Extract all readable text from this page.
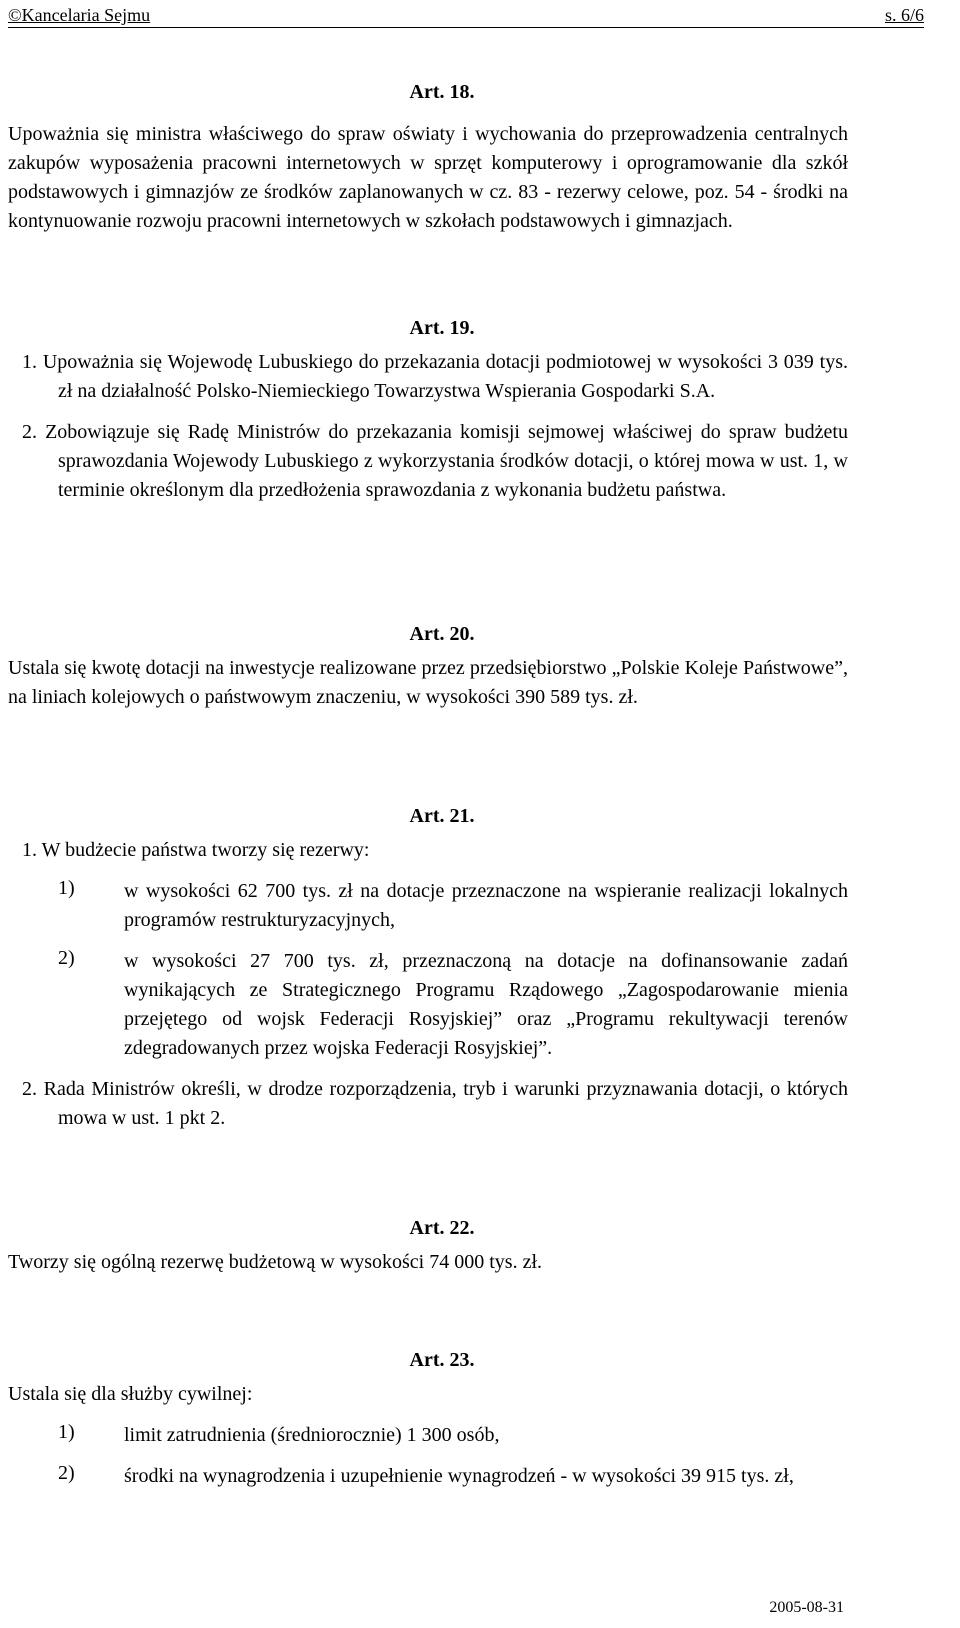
©Kancelaria Sejmu	s. 6/6
Art. 18.

Upoważnia się ministra właściwego do spraw oświaty i wychowania do przeprowadzenia centralnych zakupów wyposażenia pracowni internetowych w sprzęt komputerowy i oprogramowanie dla szkół podstawowych i gimnazjów ze środków zaplanowanych w cz. 83 - rezerwy celowe, poz. 54 - środki na kontynuowanie rozwoju pracowni internetowych w szkołach podstawowych i gimnazjach.

Art. 19.

1. Upoważnia się Wojewodę Lubuskiego do przekazania dotacji podmiotowej w wysokości 3 039 tys. zł na działalność Polsko-Niemieckiego Towarzystwa Wspierania Gospodarki S.A.

2. Zobowiązuje się Radę Ministrów do przekazania komisji sejmowej właściwej do spraw budżetu sprawozdania Wojewody Lubuskiego z wykorzystania środków dotacji, o której mowa w ust. 1, w terminie określonym dla przedłożenia sprawozdania z wykonania budżetu państwa.

Art. 20.

Ustala się kwotę dotacji na inwestycje realizowane przez przedsiębiorstwo „Polskie Koleje Państwowe”, na liniach kolejowych o państwowym znaczeniu, w wysokości 390 589 tys. zł.

Art. 21.

1. W budżecie państwa tworzy się rezerwy:

1)	w wysokości 62 700 tys. zł na dotacje przeznaczone na wspieranie realizacji lokalnych programów restrukturyzacyjnych,
2)	w wysokości 27 700 tys. zł, przeznaczoną na dotacje na dofinansowanie zadań wynikających ze Strategicznego Programu Rządowego „Zagospodarowanie mienia przejętego od wojsk Federacji Rosyjskiej” oraz „Programu rekultywacji terenów zdegradowanych przez wojska Federacji Rosyjskiej”.

2. Rada Ministrów określi, w drodze rozporządzenia, tryb i warunki przyznawania dotacji, o których mowa w ust. 1 pkt 2.

Art. 22.

Tworzy się ogólną rezerwę budżetową w wysokości 74 000 tys. zł.

Art. 23.

Ustala się dla służby cywilnej:

1)	limit zatrudnienia (średniorocznie) 1 300 osób,
2)	środki na wynagrodzenia i uzupełnienie wynagrodzeń - w wysokości 39 915 tys. zł,
2005-08-31
